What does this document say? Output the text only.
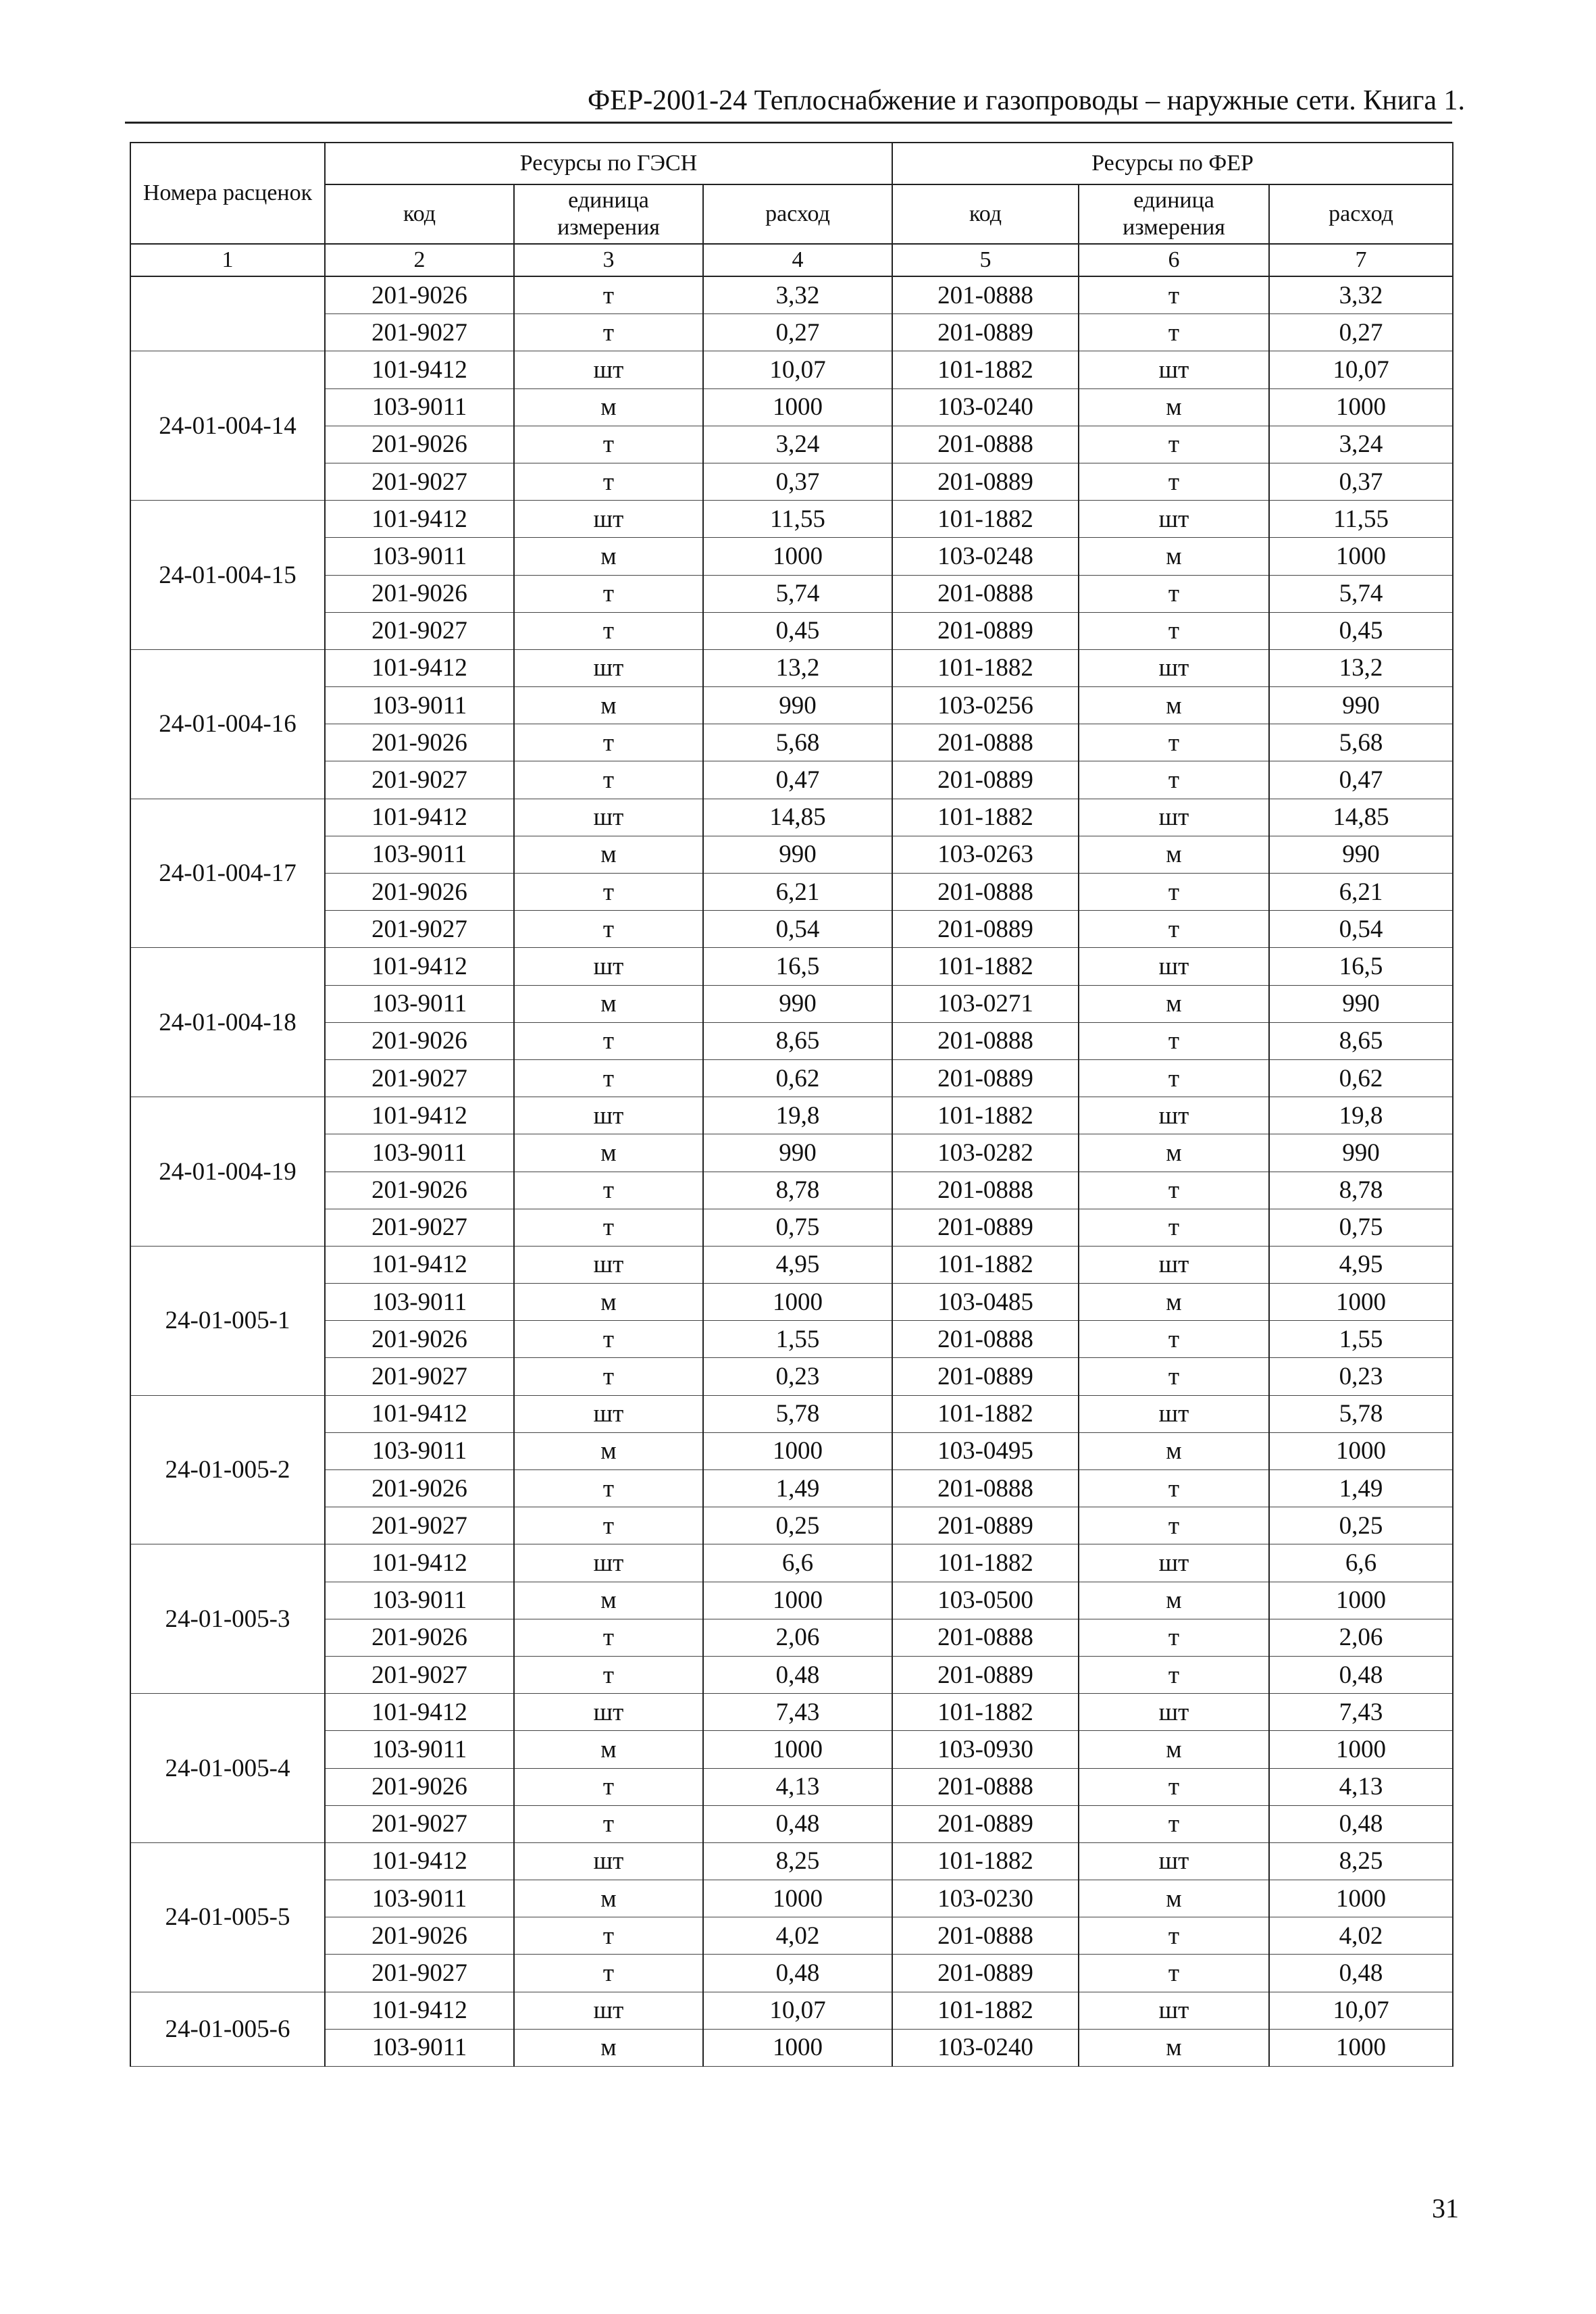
ФЕР-2001-24 Теплоснабжение и газопроводы – наружные сети. Книга 1.
Номера расценок	Ресурсы по ГЭСН			Ресурсы по ФЕР		
	код	единица измерения	расход	код	единица измерения	расход
1	2	3	4	5	6	7
	201-9026	т	3,32	201-0888	т	3,32
	201-9027	т	0,27	201-0889	т	0,27
24-01-004-14	101-9412	шт	10,07	101-1882	шт	10,07
	103-9011	м	1000	103-0240	м	1000
	201-9026	т	3,24	201-0888	т	3,24
	201-9027	т	0,37	201-0889	т	0,37
24-01-004-15	101-9412	шт	11,55	101-1882	шт	11,55
	103-9011	м	1000	103-0248	м	1000
	201-9026	т	5,74	201-0888	т	5,74
	201-9027	т	0,45	201-0889	т	0,45
24-01-004-16	101-9412	шт	13,2	101-1882	шт	13,2
	103-9011	м	990	103-0256	м	990
	201-9026	т	5,68	201-0888	т	5,68
	201-9027	т	0,47	201-0889	т	0,47
24-01-004-17	101-9412	шт	14,85	101-1882	шт	14,85
	103-9011	м	990	103-0263	м	990
	201-9026	т	6,21	201-0888	т	6,21
	201-9027	т	0,54	201-0889	т	0,54
24-01-004-18	101-9412	шт	16,5	101-1882	шт	16,5
	103-9011	м	990	103-0271	м	990
	201-9026	т	8,65	201-0888	т	8,65
	201-9027	т	0,62	201-0889	т	0,62
24-01-004-19	101-9412	шт	19,8	101-1882	шт	19,8
	103-9011	м	990	103-0282	м	990
	201-9026	т	8,78	201-0888	т	8,78
	201-9027	т	0,75	201-0889	т	0,75
24-01-005-1	101-9412	шт	4,95	101-1882	шт	4,95
	103-9011	м	1000	103-0485	м	1000
	201-9026	т	1,55	201-0888	т	1,55
	201-9027	т	0,23	201-0889	т	0,23
24-01-005-2	101-9412	шт	5,78	101-1882	шт	5,78
	103-9011	м	1000	103-0495	м	1000
	201-9026	т	1,49	201-0888	т	1,49
	201-9027	т	0,25	201-0889	т	0,25
24-01-005-3	101-9412	шт	6,6	101-1882	шт	6,6
	103-9011	м	1000	103-0500	м	1000
	201-9026	т	2,06	201-0888	т	2,06
	201-9027	т	0,48	201-0889	т	0,48
24-01-005-4	101-9412	шт	7,43	101-1882	шт	7,43
	103-9011	м	1000	103-0930	м	1000
	201-9026	т	4,13	201-0888	т	4,13
	201-9027	т	0,48	201-0889	т	0,48
24-01-005-5	101-9412	шт	8,25	101-1882	шт	8,25
	103-9011	м	1000	103-0230	м	1000
	201-9026	т	4,02	201-0888	т	4,02
	201-9027	т	0,48	201-0889	т	0,48
24-01-005-6	101-9412	шт	10,07	101-1882	шт	10,07
	103-9011	м	1000	103-0240	м	1000
31
